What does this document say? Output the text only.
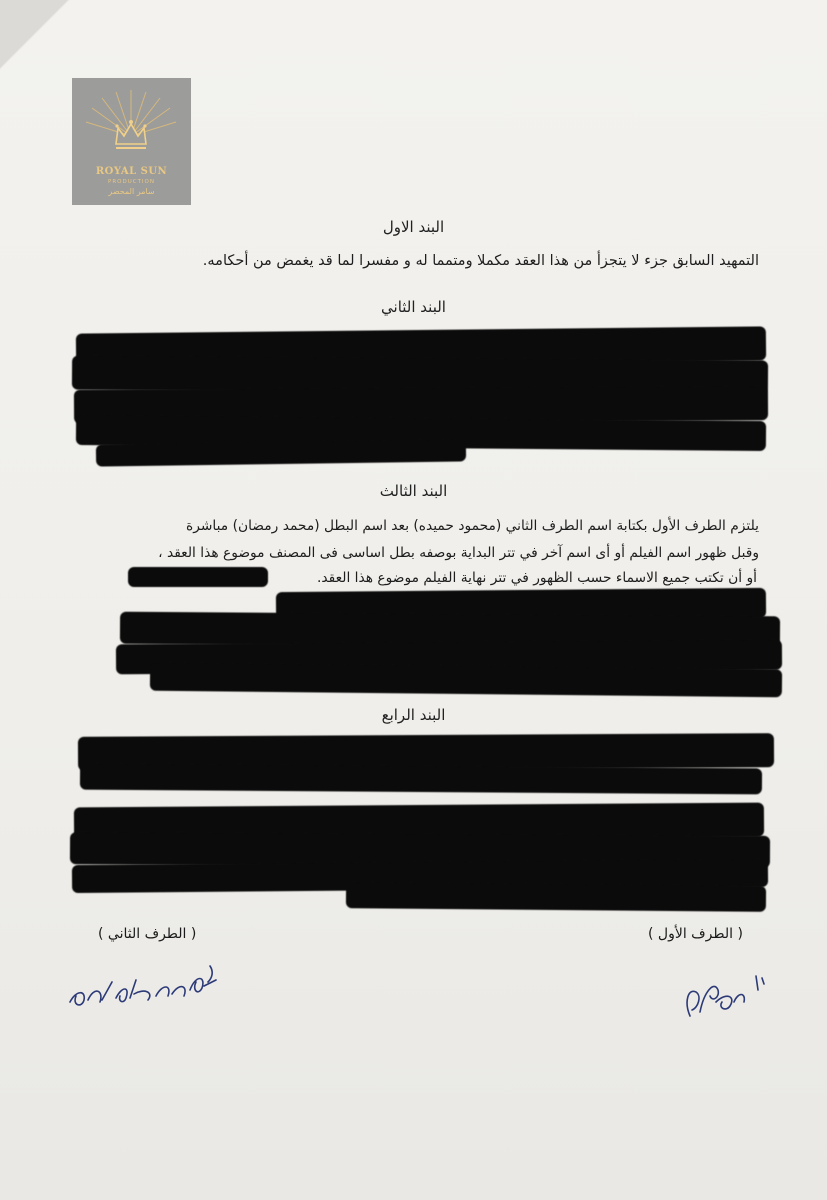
ROYAL SUN
PRODUCTION
سامر المحضر
البند الاول
التمهيد السابق جزء لا يتجزأ من هذا العقد مكملا ومتمما له و مفسرا لما قد يغمض من أحكامه.
البند الثاني
البند الثالث
يلتزم الطرف الأول بكتابة اسم الطرف الثاني (محمود حميده) بعد اسم البطل (محمد رمضان) مباشرة
وقبل ظهور اسم الفيلم أو أى اسم آخر في تتر البداية بوصفه بطل اساسى فى المصنف موضوع هذا العقد ،
أو أن تكتب جميع الاسماء حسب الظهور في تتر نهاية الفيلم موضوع هذا العقد.
البند الرابع
( الطرف الثاني )	( الطرف الأول )
